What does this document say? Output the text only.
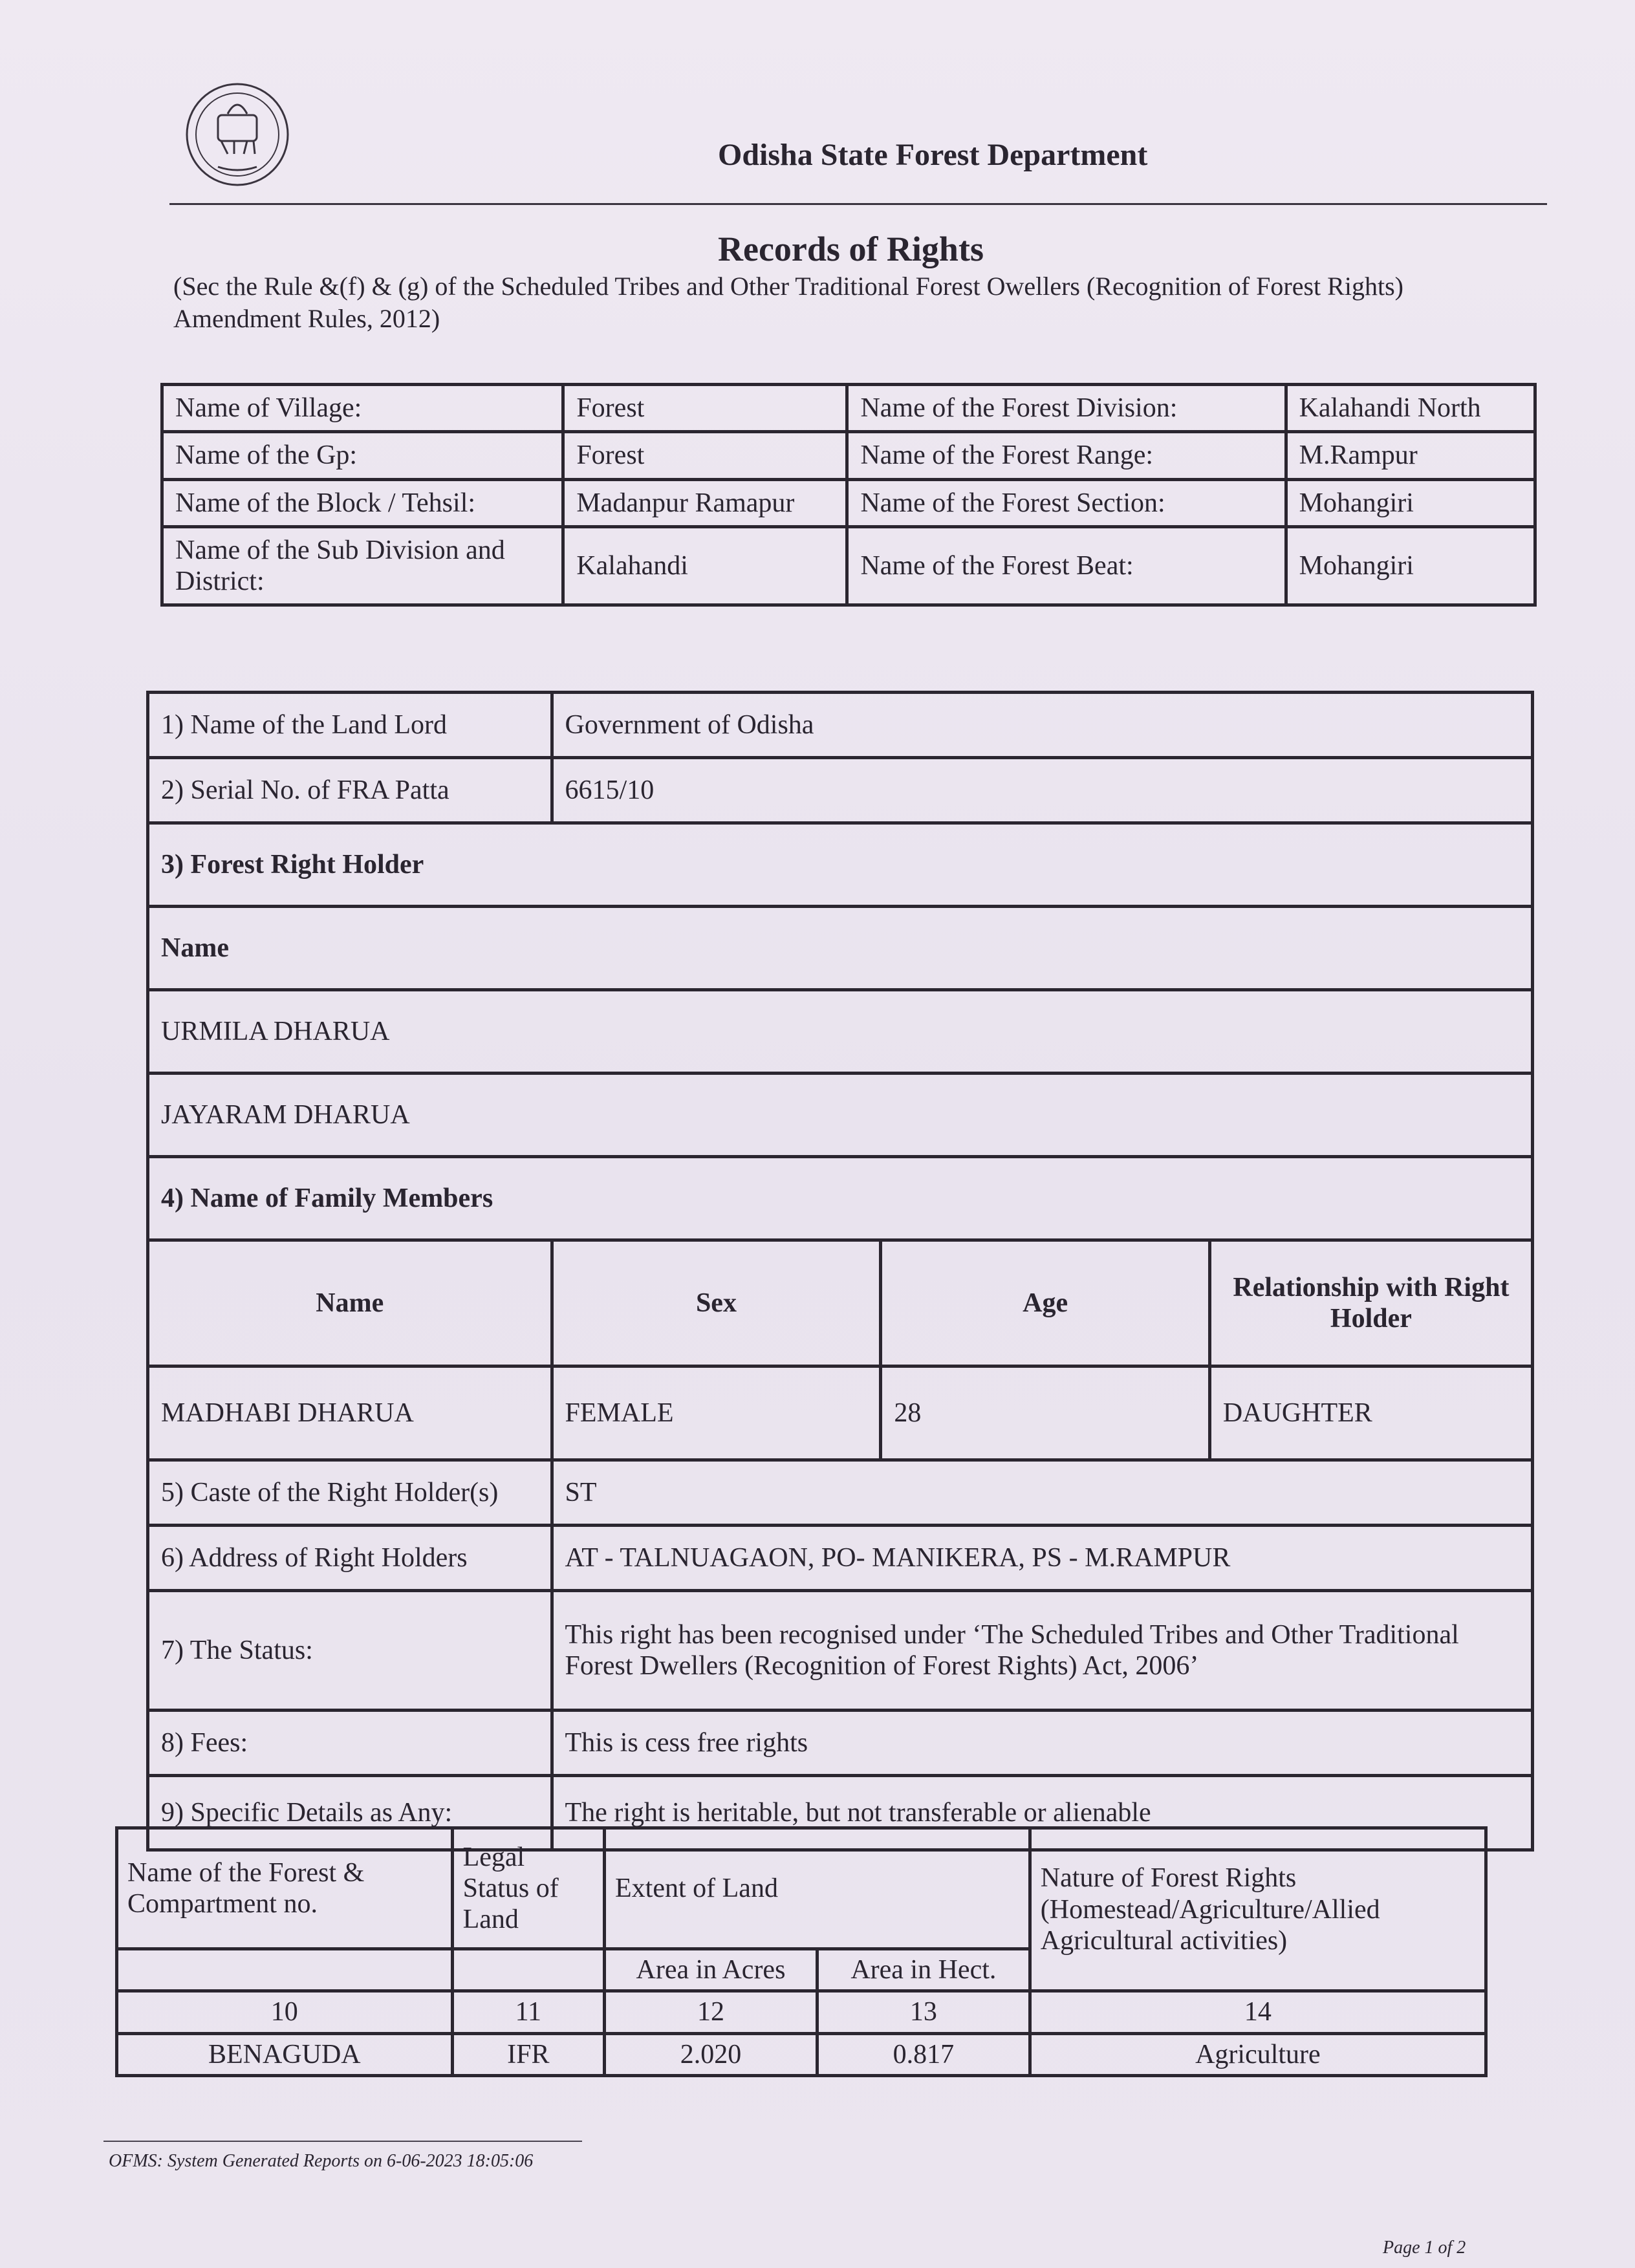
Odisha State Forest Department
Records of Rights
(Sec the Rule &(f) & (g) of the Scheduled Tribes and Other Traditional Forest Owellers (Recognition of Forest Rights) Amendment Rules, 2012)
Name of Village:	Forest	Name of the Forest Division:	Kalahandi North
Name of the Gp:	Forest	Name of the Forest Range:	M.Rampur
Name of the Block / Tehsil:	Madanpur Ramapur	Name of the Forest Section:	Mohangiri
Name of the Sub Division and District:	Kalahandi	Name of the Forest Beat:	Mohangiri
1) Name of the Land Lord	Government of Odisha		
2) Serial No. of FRA Patta	6615/10		
3) Forest Right Holder			
Name			
URMILA DHARUA			
JAYARAM DHARUA			
4) Name of Family Members			
Name	Sex	Age	Relationship with Right Holder
MADHABI DHARUA	FEMALE	28	DAUGHTER
5) Caste of the Right Holder(s)	ST		
6) Address of Right Holders	AT - TALNUAGAON, PO- MANIKERA, PS - M.RAMPUR		
7) The Status:	This right has been recognised under ‘The Scheduled Tribes and Other Traditional
Forest Dwellers (Recognition of Forest Rights) Act, 2006’		

8) Fees:	This is cess free rights		
9) Specific Details as Any:	The right is heritable, but not transferable or alienable		
Name of the Forest & Compartment no.	Legal Status of Land	Extent of Land		Nature of Forest Rights (Homestead/Agriculture/Allied Agricultural activities)
		Area in Acres	Area in Hect.	
10	11	12	13	14
BENAGUDA	IFR	2.020	0.817	Agriculture
OFMS: System Generated Reports on 6-06-2023 18:05:06
Page 1 of 2
